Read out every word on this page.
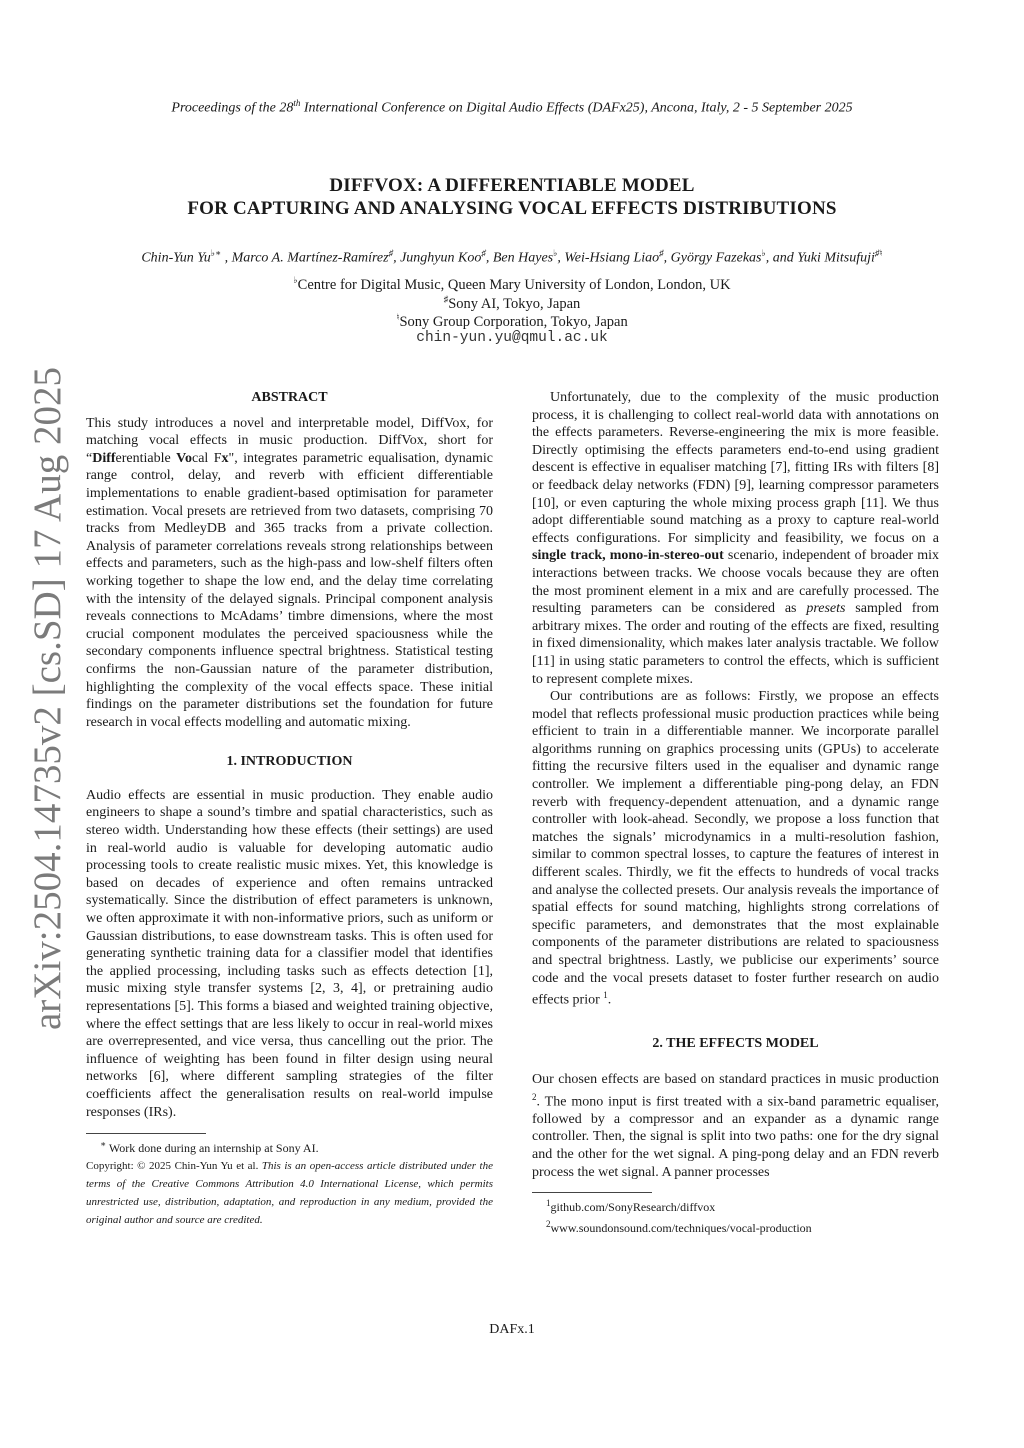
Proceedings of the 28th International Conference on Digital Audio Effects (DAFx25), Ancona, Italy, 2 - 5 September 2025
DIFFVOX: A DIFFERENTIABLE MODEL
FOR CAPTURING AND ANALYSING VOCAL EFFECTS DISTRIBUTIONS
Chin-Yun Yu♭∗ , Marco A. Martínez-Ramírez♯, Junghyun Koo♯, Ben Hayes♭, Wei-Hsiang Liao♯, György Fazekas♭, and Yuki Mitsufuji♯♮
♭Centre for Digital Music, Queen Mary University of London, London, UK
♯Sony AI, Tokyo, Japan
♮Sony Group Corporation, Tokyo, Japan
chin-yun.yu@qmul.ac.uk
arXiv:2504.14735v2 [cs.SD] 17 Aug 2025	ABSTRACT

This study introduces a novel and interpretable model, DiffVox, for matching vocal effects in music production. DiffVox, short for “Differentiable Vocal Fx", integrates parametric equalisation, dynamic range control, delay, and reverb with efficient differentiable implementations to enable gradient-based optimisation for parameter estimation. Vocal presets are retrieved from two datasets, comprising 70 tracks from MedleyDB and 365 tracks from a private collection. Analysis of parameter correlations reveals strong relationships between effects and parameters, such as the high-pass and low-shelf filters often working together to shape the low end, and the delay time correlating with the intensity of the delayed signals. Principal component analysis reveals connections to McAdams’ timbre dimensions, where the most crucial component modulates the perceived spaciousness while the secondary components influence spectral brightness. Statistical testing confirms the non-Gaussian nature of the parameter distribution, highlighting the complexity of the vocal effects space. These initial findings on the parameter distributions set the foundation for future research in vocal effects modelling and automatic mixing.

1. INTRODUCTION

Audio effects are essential in music production. They enable audio engineers to shape a sound’s timbre and spatial characteristics, such as stereo width. Understanding how these effects (their settings) are used in real-world audio is valuable for developing automatic audio processing tools to create realistic music mixes. Yet, this knowledge is based on decades of experience and often remains untracked systematically. Since the distribution of effect parameters is unknown, we often approximate it with non-informative priors, such as uniform or Gaussian distributions, to ease downstream tasks. This is often used for generating synthetic training data for a classifier model that identifies the applied processing, including tasks such as effects detection [1], music mixing style transfer systems [2, 3, 4], or pretraining audio representations [5]. This forms a biased and weighted training objective, where the effect settings that are less likely to occur in real-world mixes are overrepresented, and vice versa, thus cancelling out the prior. The influence of weighting has been found in filter design using neural networks [6], where different sampling strategies of the filter coefficients affect the generalisation results on real-world impulse responses (IRs).

∗ Work done during an internship at Sony AI.

Copyright: © 2025 Chin-Yun Yu et al. This is an open-access article distributed under the terms of the Creative Commons Attribution 4.0 International License, which permits unrestricted use, distribution, adaptation, and reproduction in any medium, provided the original author and source are credited.

Unfortunately, due to the complexity of the music production process, it is challenging to collect real-world data with annotations on the effects parameters. Reverse-engineering the mix is more feasible. Directly optimising the effects parameters end-to-end using gradient descent is effective in equaliser matching [7], fitting IRs with filters [8] or feedback delay networks (FDN) [9], learning compressor parameters [10], or even capturing the whole mixing process graph [11]. We thus adopt differentiable sound matching as a proxy to capture real-world effects configurations. For simplicity and feasibility, we focus on a single track, mono-in-stereo-out scenario, independent of broader mix interactions between tracks. We choose vocals because they are often the most prominent element in a mix and are carefully processed. The resulting parameters can be considered as presets sampled from arbitrary mixes. The order and routing of the effects are fixed, resulting in fixed dimensionality, which makes later analysis tractable. We follow [11] in using static parameters to control the effects, which is sufficient to represent complete mixes.

Our contributions are as follows: Firstly, we propose an effects model that reflects professional music production practices while being efficient to train in a differentiable manner. We incorporate parallel algorithms running on graphics processing units (GPUs) to accelerate fitting the recursive filters used in the equaliser and dynamic range controller. We implement a differentiable ping-pong delay, an FDN reverb with frequency-dependent attenuation, and a dynamic range controller with look-ahead. Secondly, we propose a loss function that matches the signals’ microdynamics in a multi-resolution fashion, similar to common spectral losses, to capture the features of interest in different scales. Thirdly, we fit the effects to hundreds of vocal tracks and analyse the collected presets. Our analysis reveals the importance of spatial effects for sound matching, highlights strong correlations of specific parameters, and demonstrates that the most explainable components of the parameter distributions are related to spaciousness and spectral brightness. Lastly, we publicise our experiments’ source code and the vocal presets dataset to foster further research on audio effects prior $^1$.

2. THE EFFECTS MODEL

Our chosen effects are based on standard practices in music production $^2$. The mono input is first treated with a six-band parametric equaliser, followed by a compressor and an expander as a dynamic range controller. Then, the signal is split into two paths: one for the dry signal and the other for the wet signal. A ping-pong delay and an FDN reverb process the wet signal. A panner processes

$^1$github.com/SonyResearch/diffvox

$^2$www.soundonsound.com/techniques/vocal-production

DAFx.1
